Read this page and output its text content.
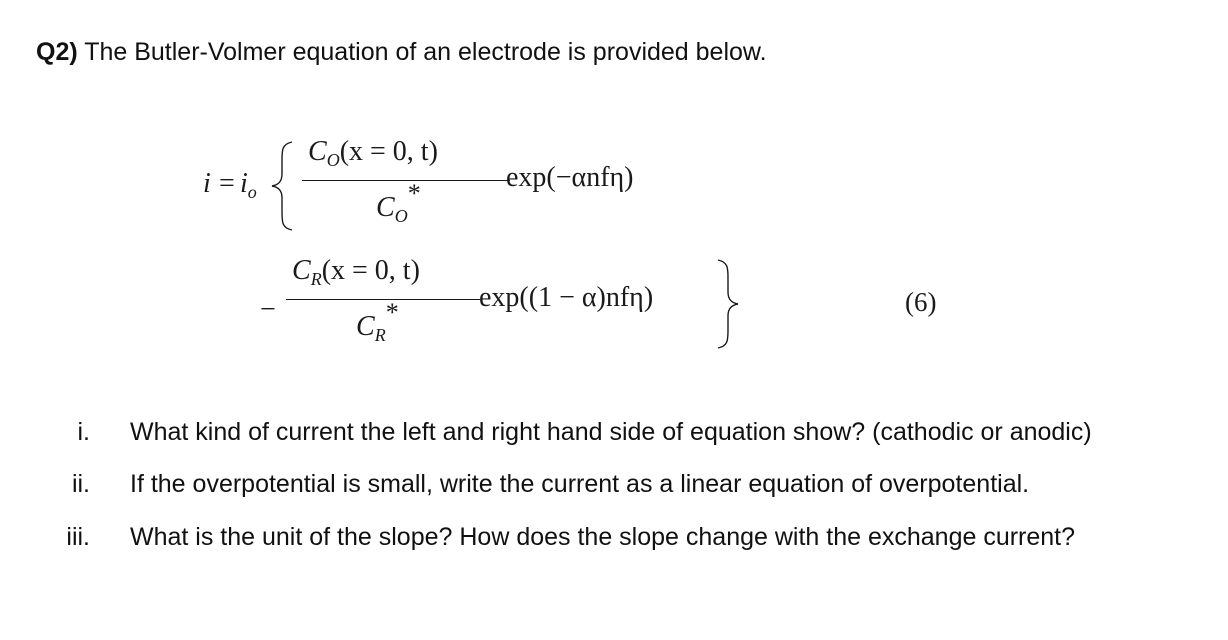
Q2) The Butler-Volmer equation of an electrode is provided below.
$i = i_o$
$C_O(x = 0$, t)
$C_O*$
exp(−αnfη)
−
$C_R(x = 0$, t)
$C_R*$	exp((1 − α)nfη)	(6)
i. What kind of current the left and right hand side of equation show? (cathodic or anodic)
ii. If the overpotential is small, write the current as a linear equation of overpotential.
iii. What is the unit of the slope? How does the slope change with the exchange current?
